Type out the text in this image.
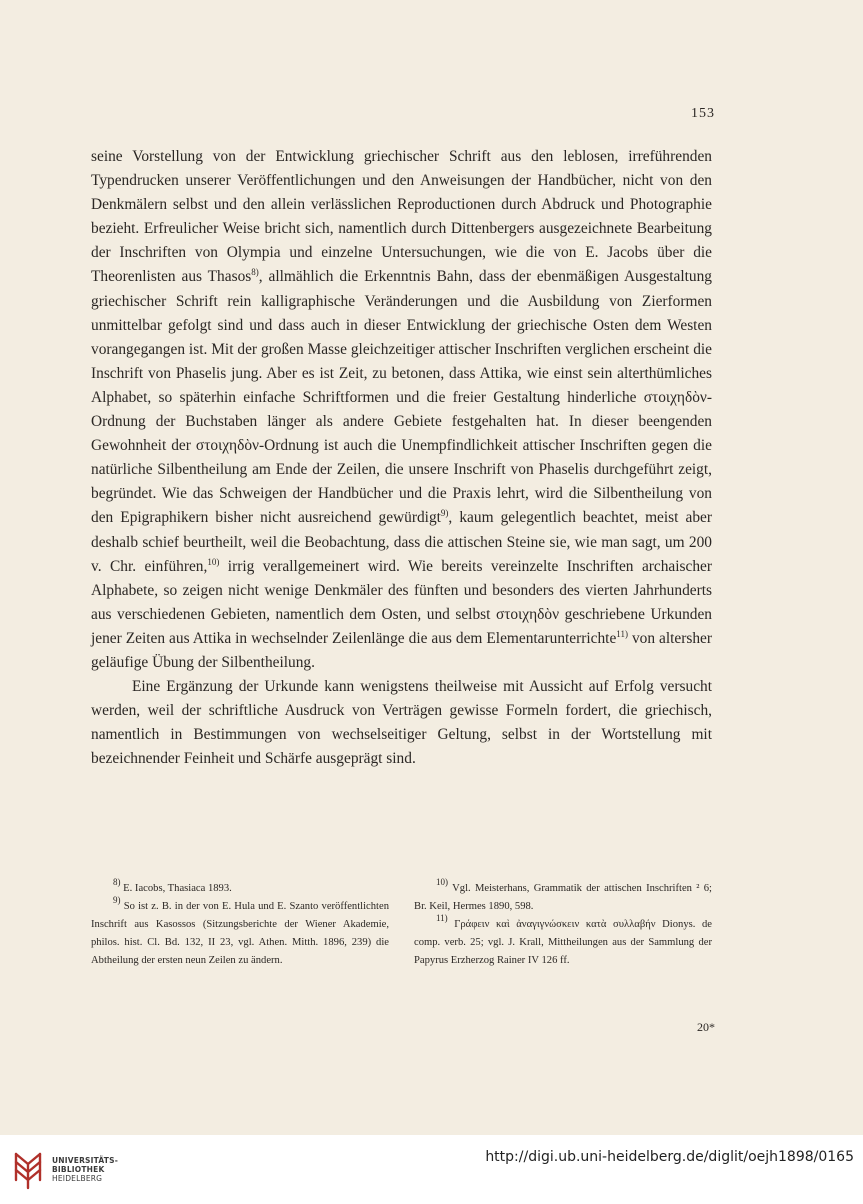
153

seine Vorstellung von der Entwicklung griechischer Schrift aus den leblosen, irreführenden Typendrucken unserer Veröffentlichungen und den Anweisungen der Handbücher, nicht von den Denkmälern selbst und den allein verlässlichen Reproductionen durch Abdruck und Photographie bezieht. Erfreulicher Weise bricht sich, namentlich durch Dittenbergers ausgezeichnete Bearbeitung der Inschriften von Olympia und einzelne Untersuchungen, wie die von E. Jacobs über die Theorenlisten aus Thasos$^{8)}$, allmählich die Erkenntnis Bahn, dass der ebenmäßigen Ausgestaltung griechischer Schrift rein kalligraphische Veränderungen und die Ausbildung von Zierformen unmittelbar gefolgt sind und dass auch in dieser Entwicklung der griechische Osten dem Westen vorangegangen ist. Mit der großen Masse gleichzeitiger attischer Inschriften verglichen erscheint die Inschrift von Phaselis jung. Aber es ist Zeit, zu betonen, dass Attika, wie einst sein alterthümliches Alphabet, so späterhin einfache Schriftformen und die freier Gestaltung hinderliche στοιχηδὸν-Ordnung der Buchstaben länger als andere Gebiete festgehalten hat. In dieser beengenden Gewohnheit der στοιχηδὸν-Ordnung ist auch die Unempfindlichkeit attischer Inschriften gegen die natürliche Silbentheilung am Ende der Zeilen, die unsere Inschrift von Phaselis durchgeführt zeigt, begründet. Wie das Schweigen der Handbücher und die Praxis lehrt, wird die Silbentheilung von den Epigraphikern bisher nicht ausreichend gewürdigt$^{9)}$, kaum gelegentlich beachtet, meist aber deshalb schief beurtheilt, weil die Beobachtung, dass die attischen Steine sie, wie man sagt, um 200 v. Chr. einführen,$^{10)}$ irrig verallgemeinert wird. Wie bereits vereinzelte Inschriften archaischer Alphabete, so zeigen nicht wenige Denkmäler des fünften und besonders des vierten Jahrhunderts aus verschiedenen Gebieten, namentlich dem Osten, und selbst στοιχηδὸν geschriebene Urkunden jener Zeiten aus Attika in wechselnder Zeilenlänge die aus dem Elementarunterrichte$^{11)}$ von altersher geläufige Übung der Silbentheilung.

Eine Ergänzung der Urkunde kann wenigstens theilweise mit Aussicht auf Erfolg versucht werden, weil der schriftliche Ausdruck von Verträgen gewisse Formeln fordert, die griechisch, namentlich in Bestimmungen von wechselseitiger Geltung, selbst in der Wortstellung mit bezeichnender Feinheit und Schärfe ausgeprägt sind.

$^{8)}$ E. Iacobs, Thasiaca 1893.

$^{9)}$ So ist z. B. in der von E. Hula und E. Szanto veröffentlichten Inschrift aus Kasossos (Sitzungsberichte der Wiener Akademie, philos. hist. Cl. Bd. 132, II 23, vgl. Athen. Mitth. 1896, 239) die Abtheilung der ersten neun Zeilen zu ändern.

$^{10)}$ Vgl. Meisterhans, Grammatik der attischen Inschriften ² 6; Br. Keil, Hermes 1890, 598.

$^{11)}$ Γράφειν καὶ ἀναγιγνώσκειν κατὰ συλλαβήν Dionys. de comp. verb. 25; vgl. J. Krall, Mittheilungen aus der Sammlung der Papyrus Erzherzog Rainer IV 126 ff.

20*
UNIVERSITÄTS-
BIBLIOTHEK
HEIDELBERG
http://digi.ub.uni-heidelberg.de/diglit/oejh1898/0165
